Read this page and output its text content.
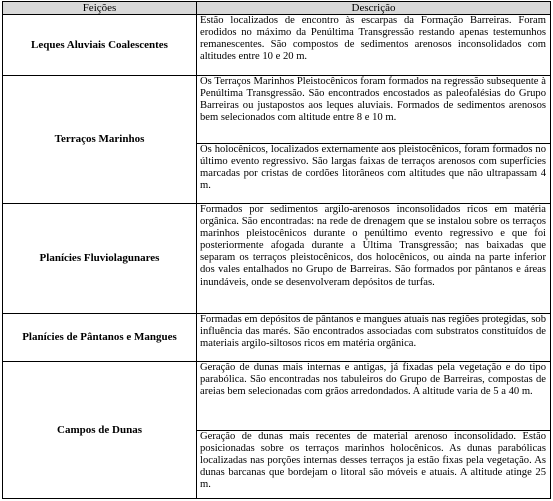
Feições	Descrição
Leques Aluviais Coalescentes	Estão localizados de encontro às escarpas da Formação Barreiras. Foram erodidos no máximo da Penúltima Transgressão restando apenas testemunhos remanescentes. São compostos de sedimentos arenosos inconsolidados com altitudes entre 10 e 20 m.
Terraços Marinhos	Os Terraços Marinhos Pleistocênicos foram formados na regressão subsequente à Penúltima Transgressão. São encontrados encostados as paleofalésias do Grupo Barreiras ou justapostos aos leques aluviais. Formados de sedimentos arenosos bem selecionados com altitude entre 8 e 10 m.
	Os holocênicos, localizados externamente aos pleistocênicos, foram formados no último evento regressivo. São largas faixas de terraços arenosos com superfícies marcadas por cristas de cordões litorâneos com altitudes que não ultrapassam 4 m.
Planícies Fluviolagunares	Formados por sedimentos argilo-arenosos inconsolidados ricos em matéria orgânica. São encontradas: na rede de drenagem que se instalou sobre os terraços marinhos pleistocênicos durante o penúltimo evento regressivo e que foi posteriormente afogada durante a Última Transgressão; nas baixadas que separam os terraços pleistocênicos, dos holocênicos, ou ainda na parte inferior dos vales entalhados no Grupo de Barreiras. São formados por pântanos e áreas inundáveis, onde se desenvolveram depósitos de turfas.
Planícies de Pântanos e Mangues	Formadas em depósitos de pântanos e mangues atuais nas regiões protegidas, sob influência das marés. São encontrados associadas com substratos constituídos de materiais argilo-siltosos ricos em matéria orgânica.
Campos de Dunas	Geração de dunas mais internas e antigas, já fixadas pela vegetação e do tipo parabólica. São encontradas nos tabuleiros do Grupo de Barreiras, compostas de areias bem selecionadas com grãos arredondados. A altitude varia de 5 a 40 m.
	Geração de dunas mais recentes de material arenoso inconsolidado. Estão posicionadas sobre os terraços marinhos holocênicos. As dunas parabólicas localizadas nas porções internas desses terraços ja estão fixas pela vegetação. As dunas barcanas que bordejam o litoral são móveis e atuais. A altitude atinge 25 m.
